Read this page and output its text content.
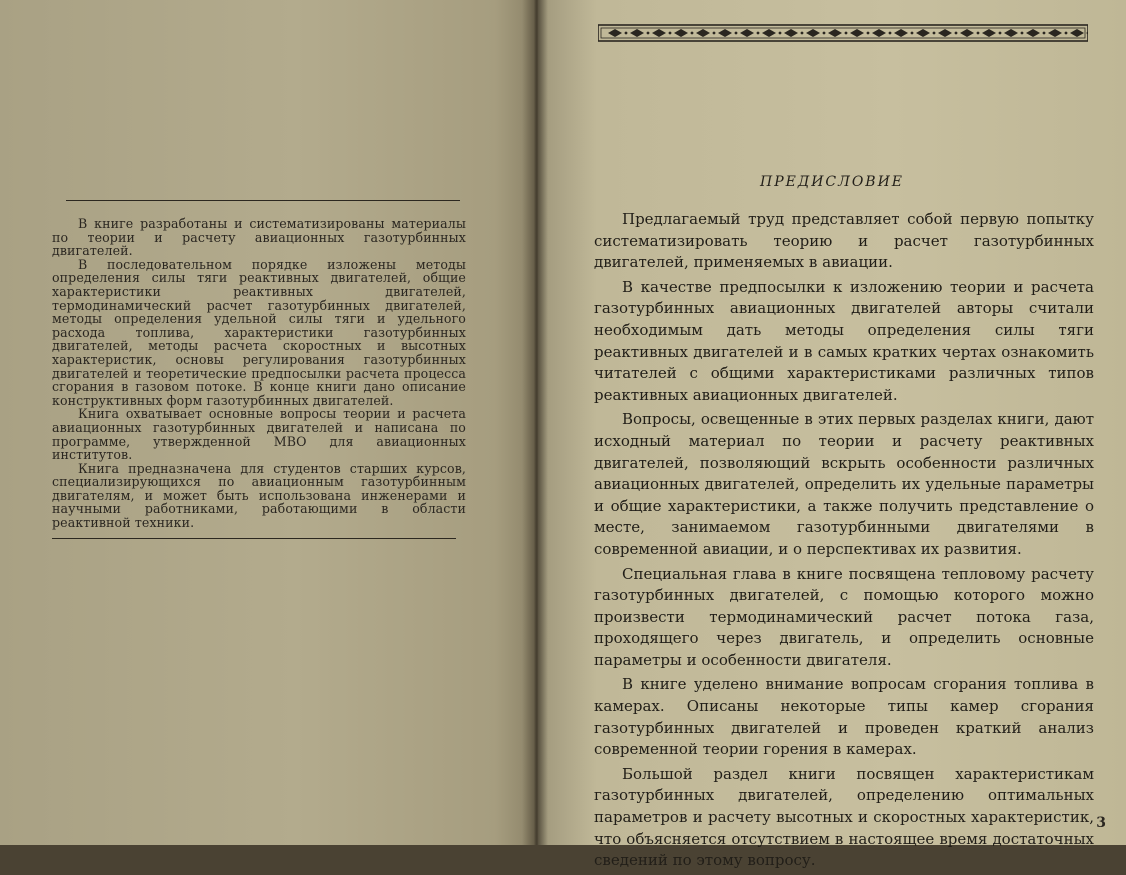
В книге разработаны и систематизированы материалы по теории и расчету авиационных газотурбинных двигателей.

В последовательном порядке изложены методы определения силы тяги реактивных двигателей, общие характеристики реактивных двигателей, термодинамический расчет газотурбинных двигателей, методы определения удельной силы тяги и удельного расхода топлива, характеристики газотурбинных двигателей, методы расчета скоростных и высотных характеристик, основы регулирования газотурбинных двигателей и теоретические предпосылки расчета процесса сгорания в газовом потоке. В конце книги дано описание конструктивных форм газотурбинных двигателей.

Книга охватывает основные вопросы теории и расчета авиационных газотурбинных двигателей и написана по программе, утвержденной МВО для авиационных институтов.

Книга предназначена для студентов старших курсов, специализирующихся по авиационным газотурбинным двигателям, и может быть использована инженерами и научными работниками, работающими в области реактивной техники.

ПРЕДИСЛОВИЕ

Предлагаемый труд представляет собой первую попытку систематизировать теорию и расчет газотурбинных двигателей, применяемых в авиации.

В качестве предпосылки к изложению теории и расчета газотурбинных авиационных двигателей авторы считали необходимым дать методы определения силы тяги реактивных двигателей и в самых кратких чертах ознакомить читателей с общими характеристиками различных типов реактивных авиационных двигателей.

Вопросы, освещенные в этих первых разделах книги, дают исходный материал по теории и расчету реактивных двигателей, позволяющий вскрыть особенности различных авиационных двигателей, определить их удельные параметры и общие характеристики, а также получить представление о месте, занимаемом газотурбинными двигателями в современной авиации, и о перспективах их развития.

Специальная глава в книге посвящена тепловому расчету газотурбинных двигателей, с помощью которого можно произвести термодинамический расчет потока газа, проходящего через двигатель, и определить основные параметры и особенности двигателя.

В книге уделено внимание вопросам сгорания топлива в камерах. Описаны некоторые типы камер сгорания газотурбинных двигателей и проведен краткий анализ современной теории горения в камерах.

Большой раздел книги посвящен характеристикам газотурбинных двигателей, определению оптимальных параметров и расчету высотных и скоростных характеристик, что объясняется отсутствием в настоящее время достаточных сведений по этому вопросу.

3
